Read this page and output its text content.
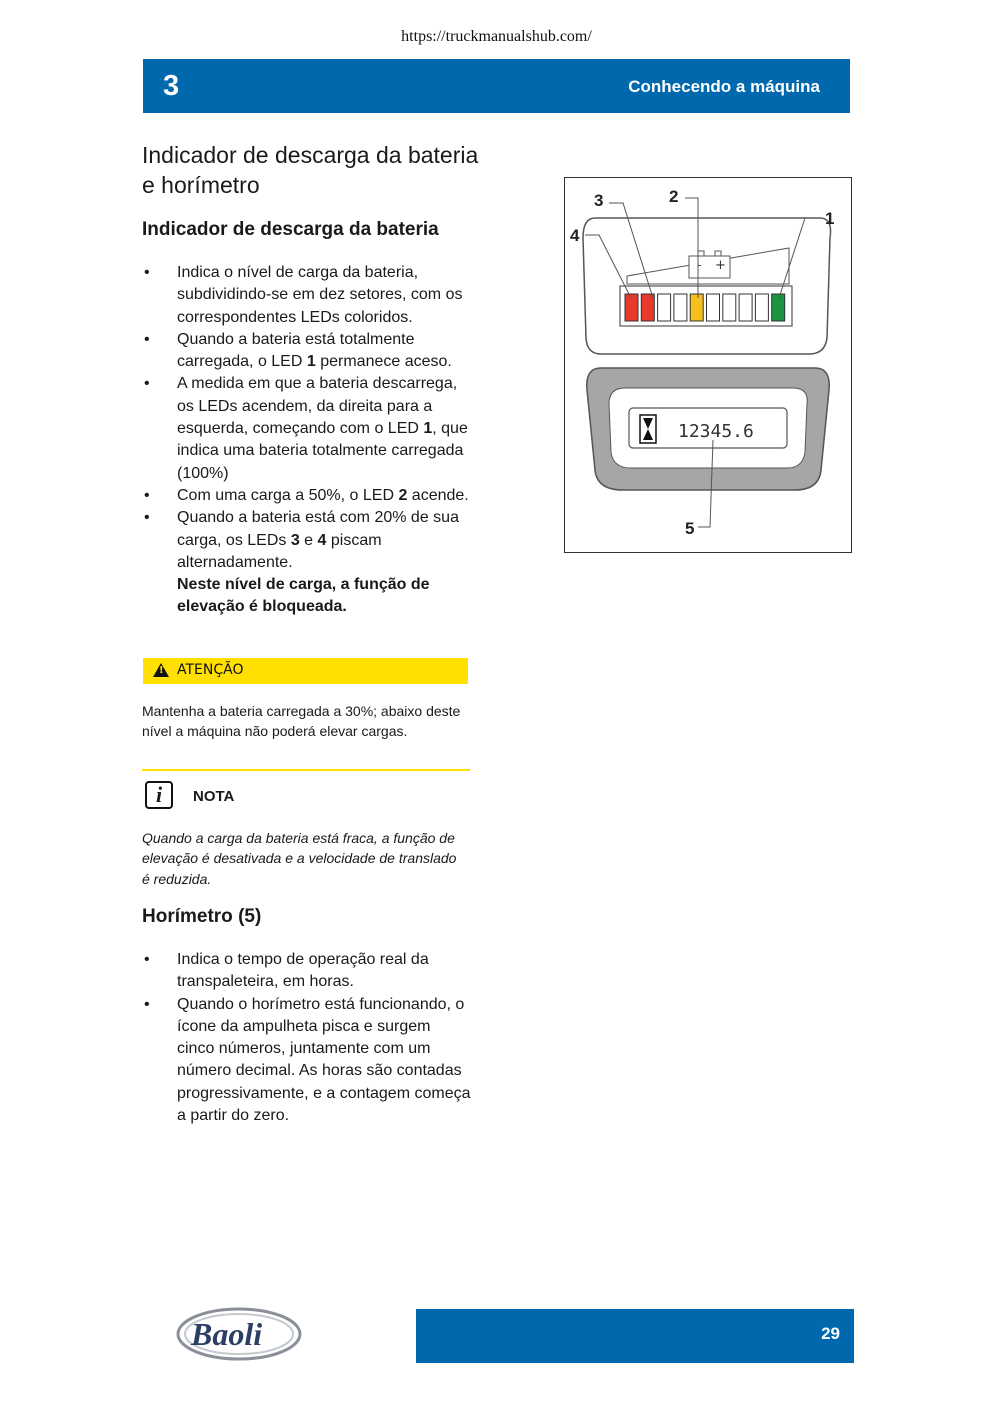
https://truckmanualshub.com/
3	Conhecendo a máquina
Indicador de descarga da bateria e horímetro
Indicador de descarga da bateria
• Indica o nível de carga da bateria, subdividindo-se em dez setores, com os correspondentes LEDs coloridos.
• Quando a bateria está totalmente carregada, o LED 1 permanece aceso.
• A medida em que a bateria descarrega, os LEDs acendem, da direita para a esquerda, começando com o LED 1, que indica uma bateria totalmente carregada (100%)
• Com uma carga a 50%, o LED 2 acende.
• Quando a bateria está com 20% de sua carga, os LEDs 3 e 4 piscam alternadamente.
Neste nível de carga, a função de elevação é bloqueada.
!
ATENÇÃO
Mantenha a bateria carregada a 30%; abaixo deste nível a máquina não poderá elevar cargas.
i	NOTA
Quando a carga da bateria está fraca, a função de elevação é desativada e a velocidade de translado é reduzida.
Horímetro (5)
• Indica o tempo de operação real da transpaleteira, em horas.
• Quando o horímetro está funcionando, o ícone da ampulheta pisca e surgem cinco números, juntamente com um número decimal. As horas são contadas progressivamente, e a contagem começa a partir do zero.
- +
12345.6
1
2
3
4
5
Baoli	29
